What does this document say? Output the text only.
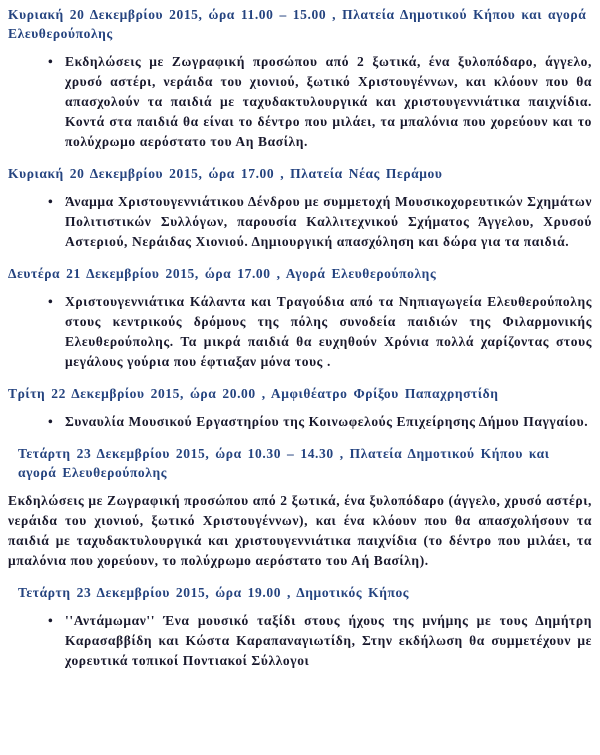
Κυριακή 20 Δεκεμβρίου 2015, ώρα 11.00 – 15.00 , Πλατεία Δημοτικού Κήπου και αγορά Ελευθερούπολης
• Εκδηλώσεις με Ζωγραφική προσώπου από 2 ξωτικά, ένα ξυλοπόδαρο, άγγελο, χρυσό αστέρι, νεράιδα του χιονιού, ξωτικό Χριστουγέννων, και κλόουν που θα απασχολούν τα παιδιά με ταχυδακτυλουργικά και χριστουγεννιάτικα παιχνίδια. Κοντά στα παιδιά θα είναι το δέντρο που μιλάει, τα μπαλόνια που χορεύουν και το πολύχρωμο αερόστατο του Αη Βασίλη.
Κυριακή 20 Δεκεμβρίου 2015, ώρα 17.00 , Πλατεία Νέας Περάμου
• Άναμμα Χριστουγεννιάτικου Δένδρου με συμμετοχή Μουσικοχορευτικών Σχημάτων Πολιτιστικών Συλλόγων, παρουσία Καλλιτεχνικού Σχήματος Άγγελου, Χρυσού Αστεριού, Νεράιδας Χιονιού. Δημιουργική απασχόληση και δώρα για τα παιδιά.
Δευτέρα 21 Δεκεμβρίου 2015, ώρα 17.00 , Αγορά Ελευθερούπολης
• Χριστουγεννιάτικα Κάλαντα και Τραγούδια από τα Νηπιαγωγεία Ελευθερούπολης στους κεντρικούς δρόμους της πόλης συνοδεία παιδιών της Φιλαρμονικής Ελευθερούπολης. Τα μικρά παιδιά θα ευχηθούν Χρόνια πολλά χαρίζοντας στους μεγάλους γούρια που έφτιαξαν μόνα τους .
Τρίτη 22 Δεκεμβρίου 2015, ώρα 20.00 , Αμφιθέατρο Φρίξου Παπαχρηστίδη
• Συναυλία Μουσικού Εργαστηρίου της Κοινωφελούς Επιχείρησης Δήμου Παγγαίου.
Τετάρτη 23 Δεκεμβρίου 2015, ώρα 10.30 – 14.30 , Πλατεία Δημοτικού Κήπου και αγορά Ελευθερούπολης

Εκδηλώσεις με Ζωγραφική προσώπου από 2 ξωτικά, ένα ξυλοπόδαρο (άγγελο, χρυσό αστέρι, νεράιδα του χιονιού, ξωτικό Χριστουγέννων), και ένα κλόουν που θα απασχολήσουν τα παιδιά με ταχυδακτυλουργικά και χριστουγεννιάτικα παιχνίδια (το δέντρο που μιλάει, τα μπαλόνια που χορεύουν, το πολύχρωμο αερόστατο του Αή Βασίλη).

Τετάρτη 23 Δεκεμβρίου 2015, ώρα 19.00 , Δημοτικός Κήπος
• ''Αντάμωμαν'' Ένα μουσικό ταξίδι στους ήχους της μνήμης με τους Δημήτρη Καρασαββίδη και Κώστα Καραπαναγιωτίδη, Στην εκδήλωση θα συμμετέχουν με χορευτικά τοπικοί Ποντιακοί Σύλλογοι
